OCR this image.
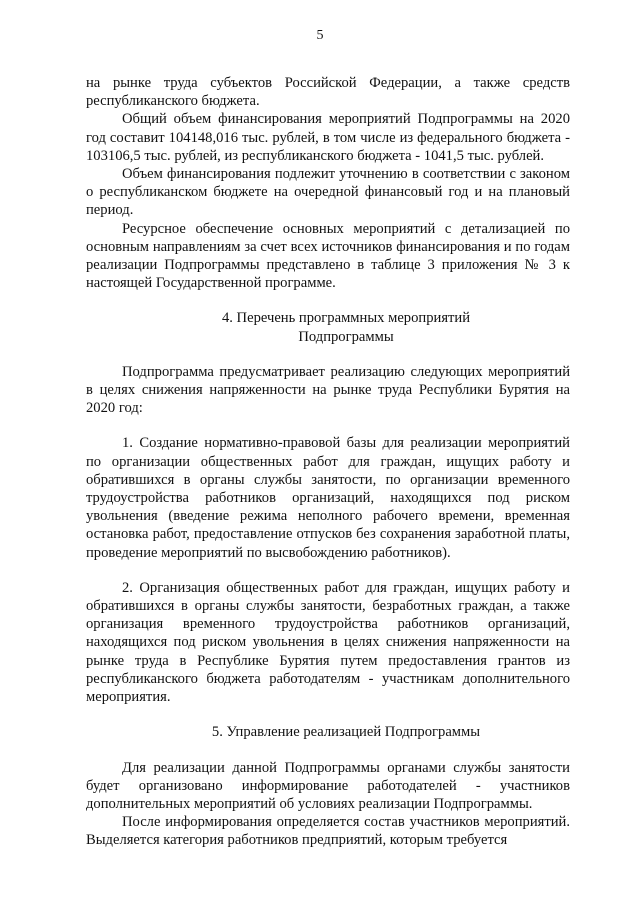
5

на рынке труда субъектов Российской Федерации, а также средств республиканского бюджета.

Общий объем финансирования мероприятий Подпрограммы на 2020 год составит 104148,016 тыс. рублей, в том числе из федерального бюджета - 103106,5 тыс. рублей, из республиканского бюджета - 1041,5 тыс. рублей.

Объем финансирования подлежит уточнению в соответствии с законом о республиканском бюджете на очередной финансовый год и на плановый период.

Ресурсное обеспечение основных мероприятий с детализацией по основным направлениям за счет всех источников финансирования и по годам реализации Подпрограммы представлено в таблице 3 приложения № 3 к настоящей Государственной программе.

4. Перечень программных мероприятий

Подпрограммы

Подпрограмма предусматривает реализацию следующих мероприятий в целях снижения напряженности на рынке труда Республики Бурятия на 2020 год:

1. Создание нормативно-правовой базы для реализации мероприятий по организации общественных работ для граждан, ищущих работу и обратившихся в органы службы занятости, по организации временного трудоустройства работников организаций, находящихся под риском увольнения (введение режима неполного рабочего времени, временная остановка работ, предоставление отпусков без сохранения заработной платы, проведение мероприятий по высвобождению работников).

2. Организация общественных работ для граждан, ищущих работу и обратившихся в органы службы занятости, безработных граждан, а также организация временного трудоустройства работников организаций, находящихся под риском увольнения в целях снижения напряженности на рынке труда в Республике Бурятия путем предоставления грантов из республиканского бюджета работодателям - участникам дополнительного мероприятия.

5. Управление реализацией Подпрограммы

Для реализации данной Подпрограммы органами службы занятости будет организовано информирование работодателей - участников дополнительных мероприятий об условиях реализации Подпрограммы.

После информирования определяется состав участников мероприятий. Выделяется категория работников предприятий, которым требуется
